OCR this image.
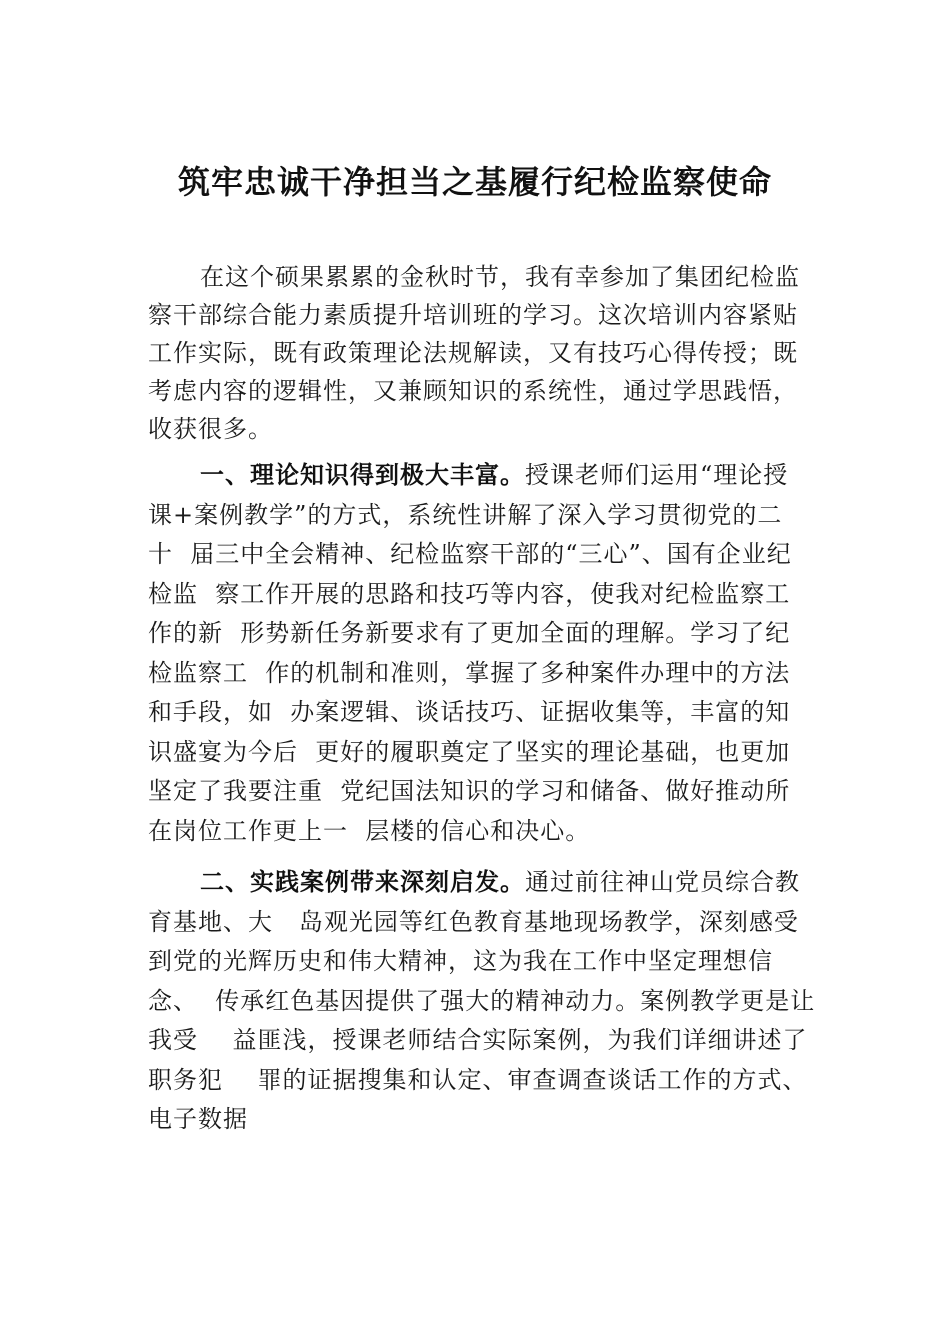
筑牢忠诚干净担当之基履行纪检监察使命
在这个硕果累累的金秋时节，我有幸参加了集团纪检监
察干部综合能力素质提升培训班的学习。这次培训内容紧贴
工作实际，既有政策理论法规解读，又有技巧心得传授；既
考虑内容的逻辑性，又兼顾知识的系统性，通过学思践悟，
收获很多。
一、理论知识得到极大丰富。授课老师们运用“理论授
课+案例教学”的方式，系统性讲解了深入学习贯彻党的二
十  届三中全会精神、纪检监察干部的“三心”、国有企业纪
检监  察工作开展的思路和技巧等内容，使我对纪检监察工
作的新  形势新任务新要求有了更加全面的理解。学习了纪
检监察工  作的机制和准则，掌握了多种案件办理中的方法
和手段，如  办案逻辑、谈话技巧、证据收集等，丰富的知
识盛宴为今后  更好的履职奠定了坚实的理论基础，也更加
坚定了我要注重  党纪国法知识的学习和储备、做好推动所
在岗位工作更上一  层楼的信心和决心。
二、实践案例带来深刻启发。通过前往神山党员综合教
育基地、大   岛观光园等红色教育基地现场教学，深刻感受
到党的光辉历史和伟大精神，这为我在工作中坚定理想信
念、  传承红色基因提供了强大的精神动力。案例教学更是让
我受    益匪浅，授课老师结合实际案例，为我们详细讲述了
职务犯    罪的证据搜集和认定、审查调查谈话工作的方式、
电子数据
